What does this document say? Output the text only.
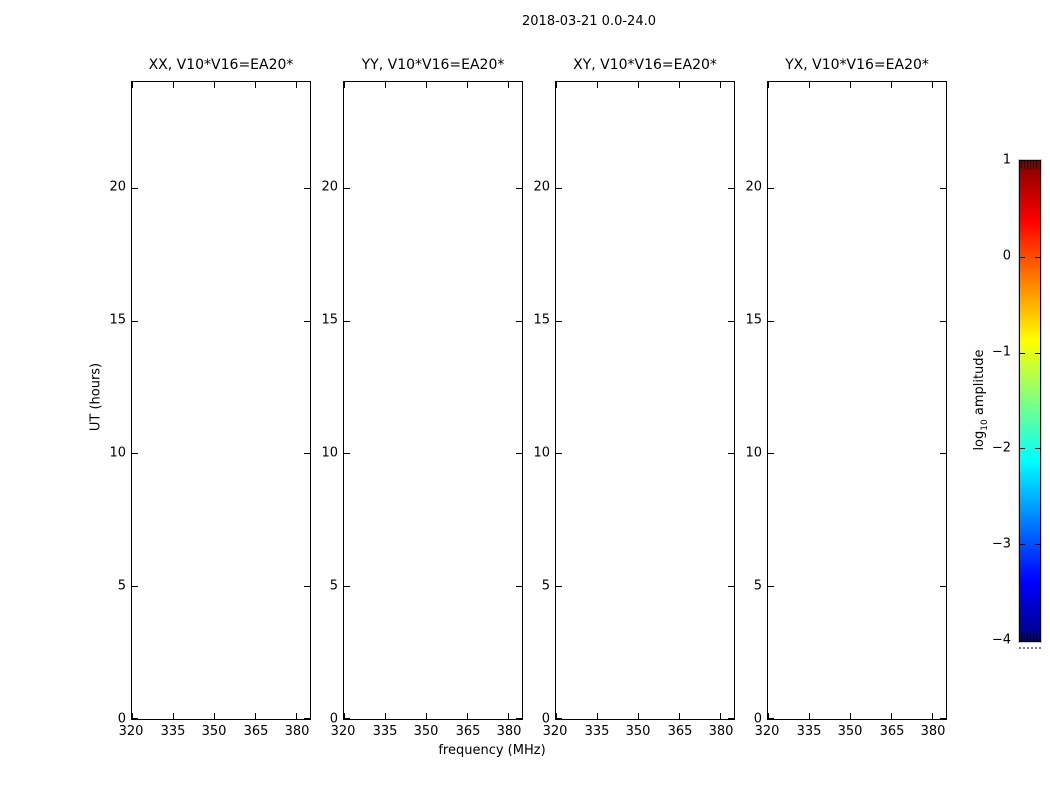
2018-03-21 0.0-24.0
XX, V10*V16=EA20*
20
15
10
5
0
320	335	350	365	380
YY, V10*V16=EA20*
20
15
10
5
0
320	335	350	365	380
XY, V10*V16=EA20*
20
15
10
5
0
320	335	350	365	380
YX, V10*V16=EA20*
20
15
10
5
0
320	335	350	365	380
frequency (MHz)
UT (hours)
1
0
−1
−2
−3
−4
$\log_{10}$ amplitude
